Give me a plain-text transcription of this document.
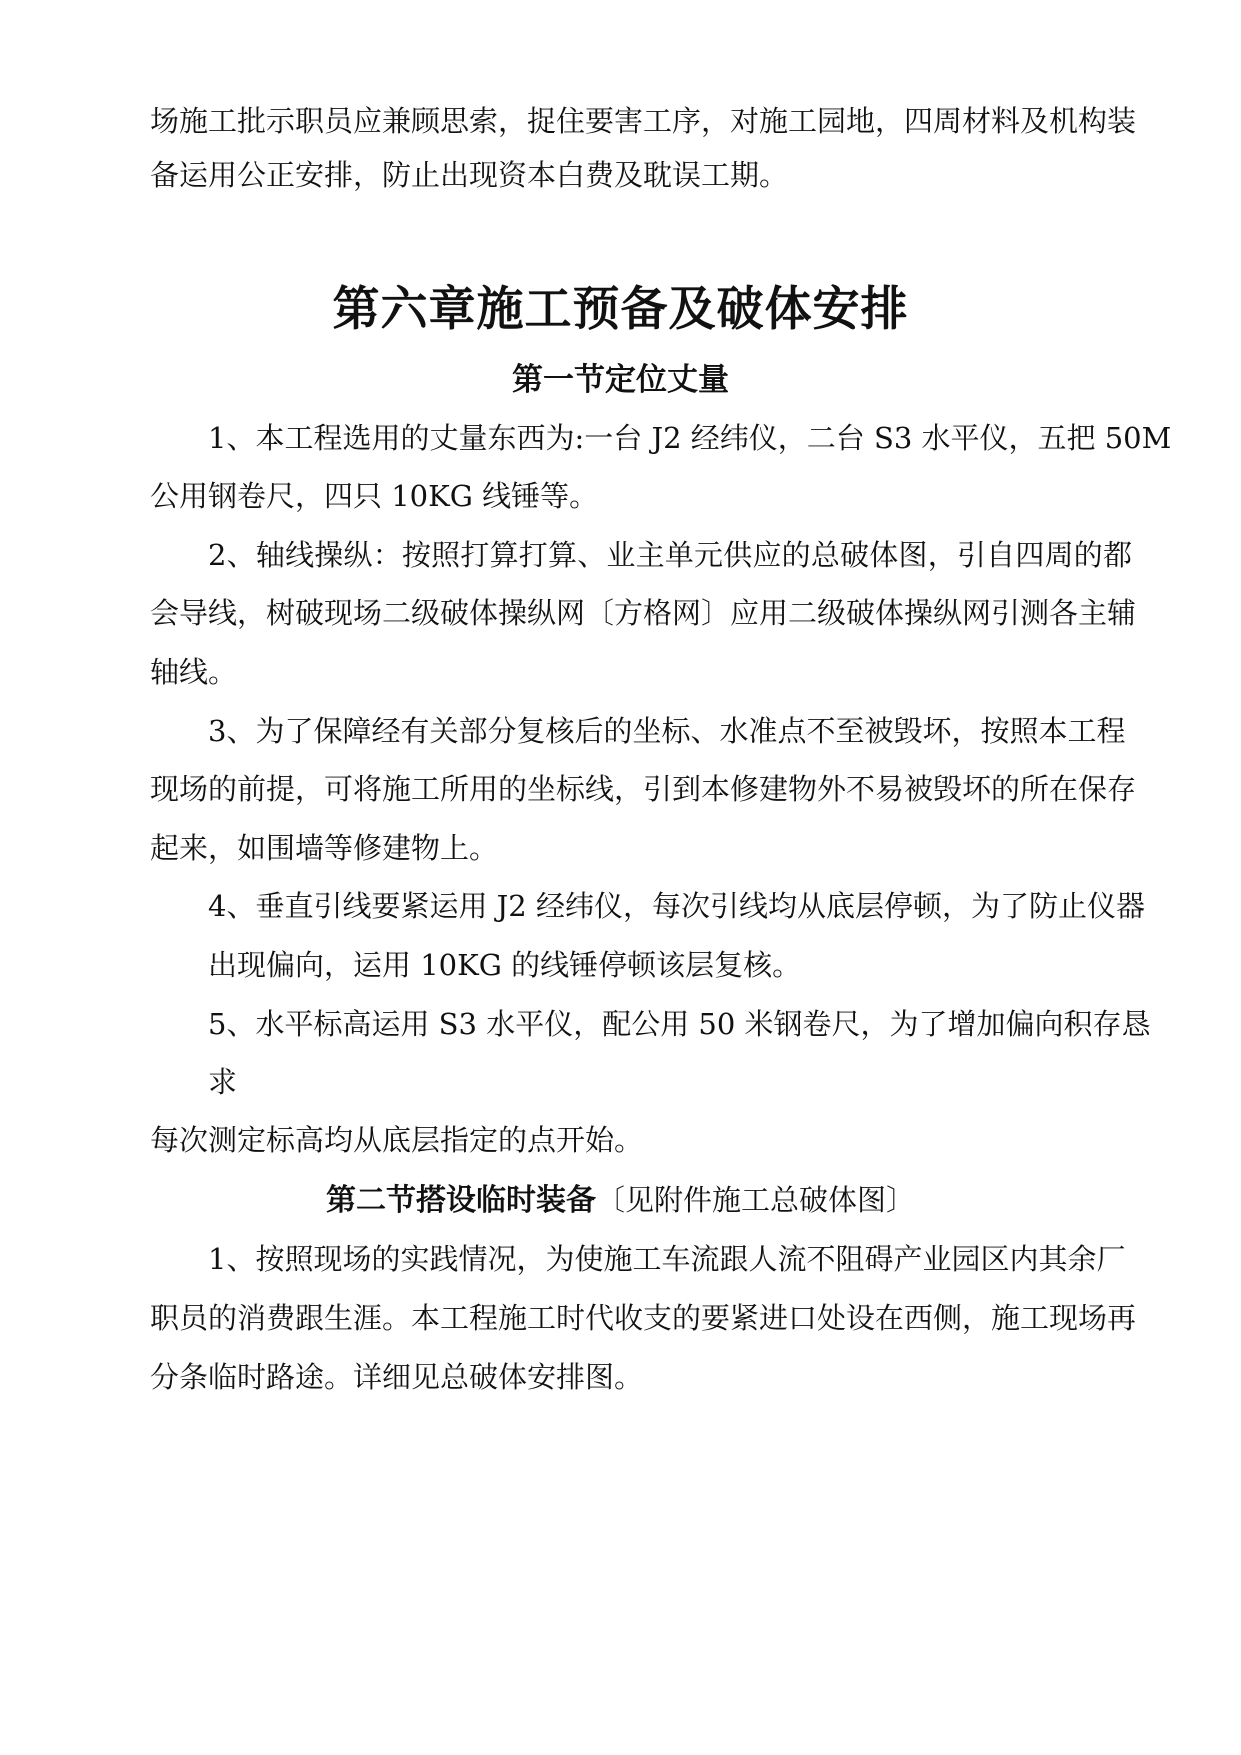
场施工批示职员应兼顾思索，捉住要害工序，对施工园地，四周材料及机构装
备运用公正安排，防止出现资本白费及耽误工期。
第六章施工预备及破体安排
第一节定位丈量
1、本工程选用的丈量东西为:一台 J2 经纬仪，二台 S3 水平仪，五把 50M
公用钢卷尺，四只 10KG 线锤等。
2、轴线操纵：按照打算打算、业主单元供应的总破体图，引自四周的都
会导线，树破现场二级破体操纵网〔方格网〕应用二级破体操纵网引测各主辅
轴线。
3、为了保障经有关部分复核后的坐标、水准点不至被毁坏，按照本工程
现场的前提，可将施工所用的坐标线，引到本修建物外不易被毁坏的所在保存
起来，如围墙等修建物上。
4、垂直引线要紧运用 J2 经纬仪，每次引线均从底层停顿，为了防止仪器
出现偏向，运用 10KG 的线锤停顿该层复核。
5、水平标高运用 S3 水平仪，配公用 50 米钢卷尺，为了增加偏向积存恳
求
每次测定标高均从底层指定的点开始。
第二节搭设临时装备〔见附件施工总破体图〕
1、按照现场的实践情况，为使施工车流跟人流不阻碍产业园区内其余厂
职员的消费跟生涯。本工程施工时代收支的要紧进口处设在西侧，施工现场再
分条临时路途。详细见总破体安排图。
